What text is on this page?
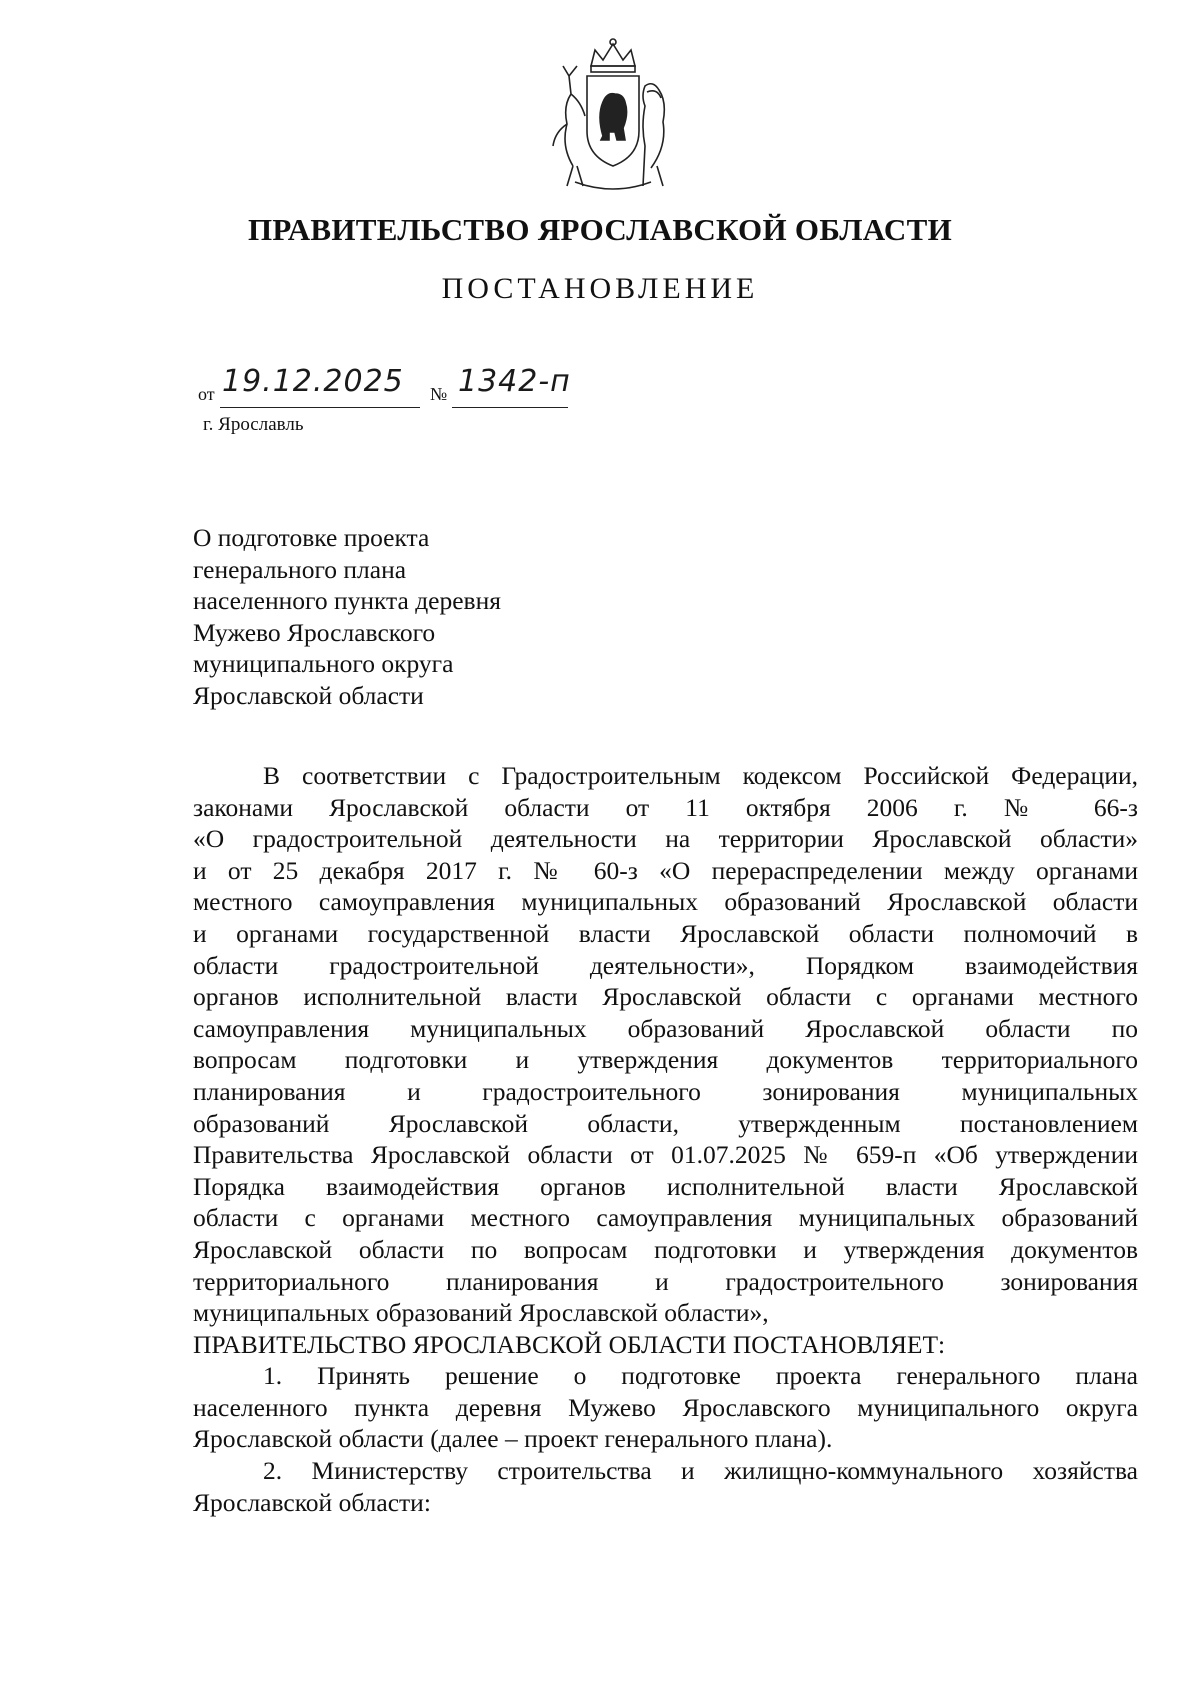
ПРАВИТЕЛЬСТВО ЯРОСЛАВСКОЙ ОБЛАСТИ
ПОСТАНОВЛЕНИЕ
от 19.12.2025 № 1342-п
г. Ярославль
О подготовке проекта
генерального плана
населенного пункта деревня
Мужево Ярославского
муниципального округа
Ярославской области
В соответствии с Градостроительным кодексом Российской Федерации,
законами Ярославской области от 11 октября 2006 г. № 66-з
«О градостроительной деятельности на территории Ярославской области»
и от 25 декабря 2017 г. № 60-з «О перераспределении между органами
местного самоуправления муниципальных образований Ярославской области
и органами государственной власти Ярославской области полномочий в
области градостроительной деятельности», Порядком взаимодействия
органов исполнительной власти Ярославской области с органами местного
самоуправления муниципальных образований Ярославской области по
вопросам подготовки и утверждения документов территориального
планирования и градостроительного зонирования муниципальных
образований Ярославской области, утвержденным постановлением
Правительства Ярославской области от 01.07.2025 № 659-п «Об утверждении
Порядка взаимодействия органов исполнительной власти Ярославской
области с органами местного самоуправления муниципальных образований
Ярославской области по вопросам подготовки и утверждения документов
территориального планирования и градостроительного зонирования
муниципальных образований Ярославской области»,
ПРАВИТЕЛЬСТВО ЯРОСЛАВСКОЙ ОБЛАСТИ ПОСТАНОВЛЯЕТ:
1. Принять решение о подготовке проекта генерального плана
населенного пункта деревня Мужево Ярославского муниципального округа
Ярославской области (далее – проект генерального плана).
2. Министерству строительства и жилищно-коммунального хозяйства
Ярославской области:
